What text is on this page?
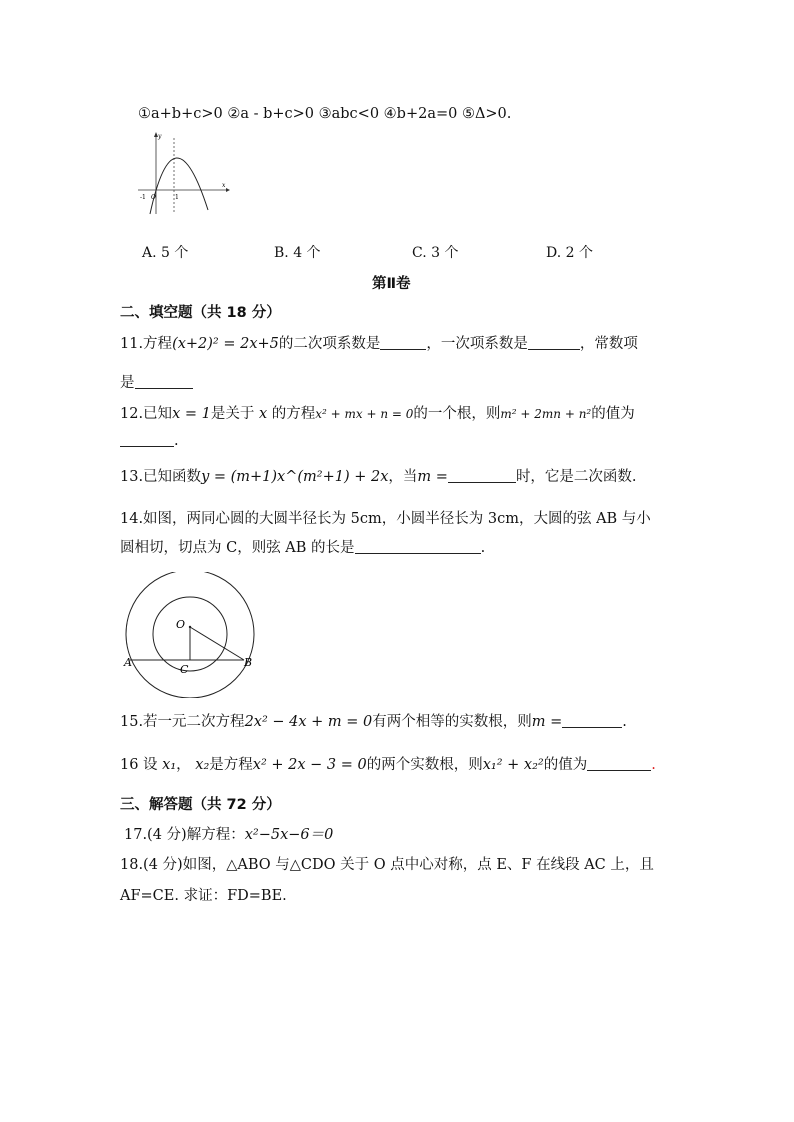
①a+b+c>0 ②a - b+c>0 ③abc<0 ④b+2a=0 ⑤Δ>0.
y
x
-1 O	1
A. 5 个	B. 4 个	C. 3 个	D. 2 个
第Ⅱ卷
二、填空题（共 18 分）
11.方程(x+2)² = 2x+5的二次项系数是	，一次项系数是	，常数项
是
12.已知x = 1是关于 x 的方程x² + mx + n = 0的一个根，则m² + 2mn + n²的值为
.
13.已知函数y = (m+1)x^(m²+1) + 2x，当m =	时，它是二次函数.
14.如图，两同心圆的大圆半径长为 5cm，小圆半径长为 3cm，大圆的弦 AB 与小
圆相切，切点为 C，则弦 AB 的长是	.
O
A	B
C
15.若一元二次方程2x² − 4x + m = 0有两个相等的实数根，则m =	.
16 设 x₁， x₂是方程x² + 2x − 3 = 0的两个实数根，则x₁² + x₂²的值为	.
三、解答题（共 72 分）
17.(4 分)解方程：x²−5x−6＝0
18.(4 分)如图，△ABO 与△CDO 关于 O 点中心对称，点 E、F 在线段 AC 上，且
AF=CE. 求证：FD=BE.
